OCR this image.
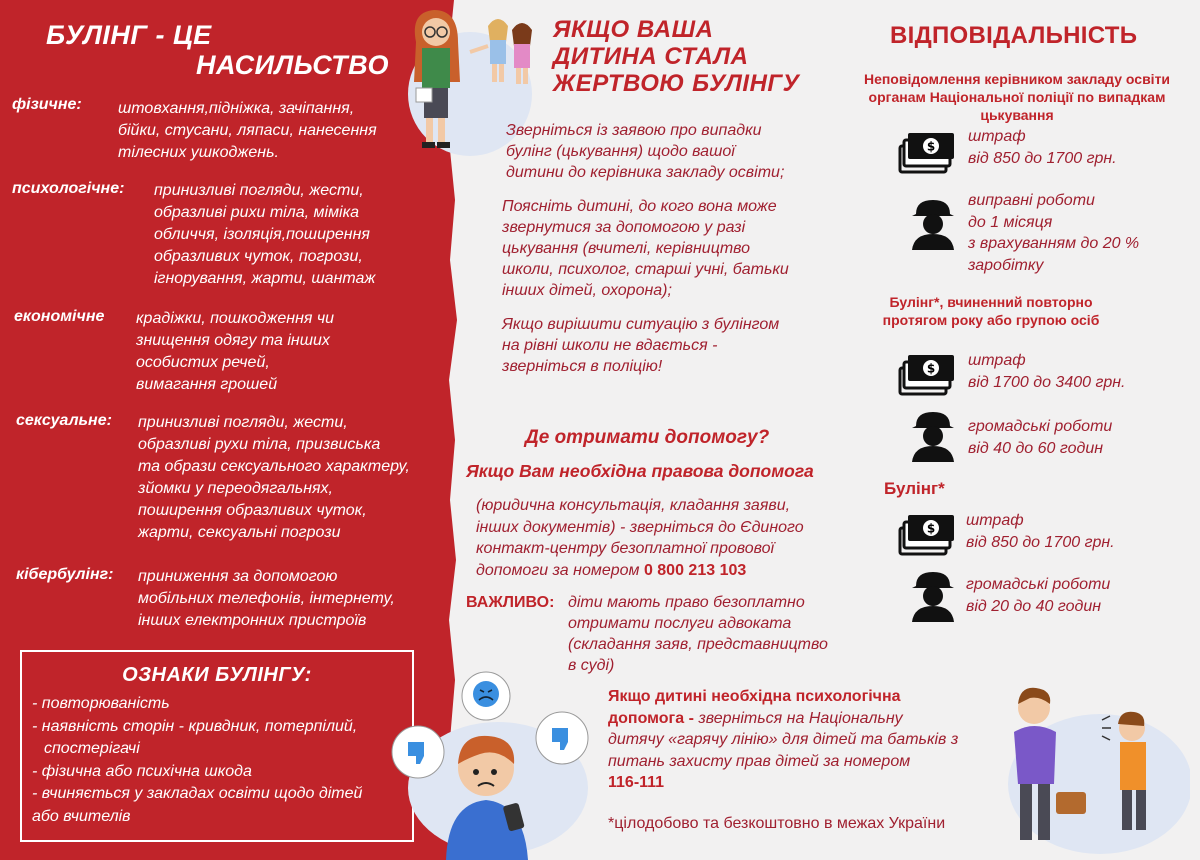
БУЛІНГ - ЦЕ
НАСИЛЬСТВО
фізичне: штовхання,підніжка, зачіпання,
бійки, стусани, ляпаси, нанесення
тілесних ушкоджень.
психологічне: принизливі погляди, жести,
образливі рихи тіла, міміка
обличчя, ізоляція,поширення
образливих чуток, погрози,
ігнорування, жарти, шантаж
економічне крадіжки, пошкодження чи
знищення одягу та інших
особистих речей,
вимагання грошей
сексуальне: принизливі погляди, жести,
образливі рухи тіла, призвиська
та образи сексуального характеру,
зйомки у переодягальнях,
поширення образливих чуток,
жарти, сексуальні погрози
кібербулінг: приниження за допомогою
мобільних телефонів, інтернету,
інших електронних пристроїв
ОЗНАКИ БУЛІНГУ:
- повторюваність
- наявність сторін - кривдник, потерпілий,
спостерігачі
- фізична або психічна шкода
- вчиняється у закладах освіти щодо дітей
або вчителів
ЯКЩО ВАША
ДИТИНА СТАЛА
ЖЕРТВОЮ БУЛІНГУ
Зверніться із заявою про випадки
булінг (цькування) щодо вашої
дитини до керівника закладу освіти;
Поясніть дитині, до кого вона може
звернутися за допомогою у разі
цькування (вчителі, керівництво
школи, психолог, старші учні, батьки
інших дітей, охорона);
Якщо вирішити ситуацію з булінгом
на рівні школи не вдається -
зверніться в поліцію!
Де отримати допомогу?
Якщо Вам необхідна правова допомога
(юридична консультація, кладання заяви,
інших документів) - зверніться до Єдиного
контакт-центру безоплатної провової
допомоги за номером 0 800 213 103
ВАЖЛИВО: діти мають право безоплатно
отримати послуги адвоката
(складання заяв, представництво
в суді)
Якщо дитині необхідна психологічна
допомога - зверніться на Національну
дитячу «гарячу лінію» для дітей та батьків з
питань захисту прав дітей за номером
116-111
*цілодобово та безкоштовно в межах України
ВІДПОВІДАЛЬНІСТЬ
Неповідомлення керівником закладу освіти
органам Національної поліції по випадкам
цькування
$
штраф
від 850 до 1700 грн.
виправні роботи
до 1 місяця
з врахуванням до 20 %
заробітку
Булінг*, вчиненний повторно
протягом року або групою осіб
$ штраф
від 1700 до 3400 грн.
громадські роботи
від 40 до 60 годин
Булінг*
$ штраф
від 850 до 1700 грн.
громадські роботи
від 20 до 40 годин
